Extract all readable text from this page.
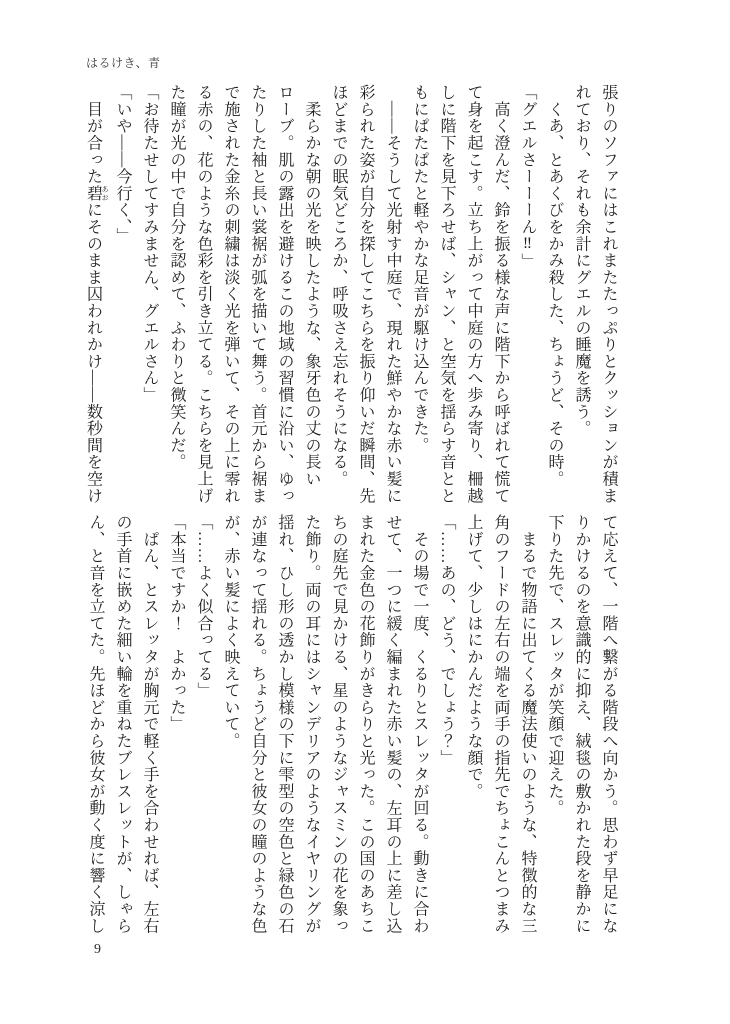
はるけき、青

張りのソファにはこれまたたっぷりとクッションが積まれており、それも余計にグエルの睡魔を誘う。

　くあ、とあくびをかみ殺した、ちょうど、その時。

「グエルさーーーん‼」

　高く澄んだ、鈴を振る様な声に階下から呼ばれて慌てて身を起こす。立ち上がって中庭の方へ歩み寄り、柵越しに階下を見下ろせば、シャン、と空気を揺らす音とともにぱたぱたと軽やかな足音が駆け込んできた。

　――そうして光射す中庭で、現れた鮮やかな赤い髪に彩られた姿が自分を探してこちらを振り仰いだ瞬間、先ほどまでの眠気どころか、呼吸さえ忘れそうになる。

　柔らかな朝の光を映したような、象牙色の丈の長いローブ。肌の露出を避けるこの地域の習慣に沿い、ゆったりした袖と長い裳裾が弧を描いて舞う。首元から裾まで施された金糸の刺繍は淡く光を弾いて、その上に零れる赤の、花のような色彩を引き立てる。こちらを見上げた瞳が光の中で自分を認めて、ふわりと微笑んだ。

「お待たせしてすみません、グエルさん」

「いや――今行く、」

　目が合った碧 あおにそのまま囚われかけ――数秒間を空け

て応えて、一階へ繋がる階段へ向かう。思わず早足になりかけるのを意識的に抑え、絨毯の敷かれた段を静かに下りた先で、スレッタが笑顔で迎えた。

　まるで物語に出てくる魔法使いのような、特徴的な三角のフードの左右の端を両手の指先でちょこんとつまみ上げて、少しはにかんだような顔で。

「……あの、どう、でしょう？」

　その場で一度、くるりとスレッタが回る。動きに合わせて、一つに緩く編まれた赤い髪の、左耳の上に差し込まれた金色の花飾りがきらりと光った。この国のあちこちの庭先で見かける、星のようなジャスミンの花を象った飾り。両の耳にはシャンデリアのようなイヤリングが揺れ、ひし形の透かし模様の下に雫型の空色と緑色の石が連なって揺れる。ちょうど自分と彼女の瞳のような色が、赤い髪によく映えていて。

「……よく似合ってる」

「本当ですか！　よかった」

　ぱん、とスレッタが胸元で軽く手を合わせれば、左右の手首に嵌めた細い輪を重ねたブレスレットが、しゃらん、と音を立てた。先ほどから彼女が動く度に響く涼し

9
